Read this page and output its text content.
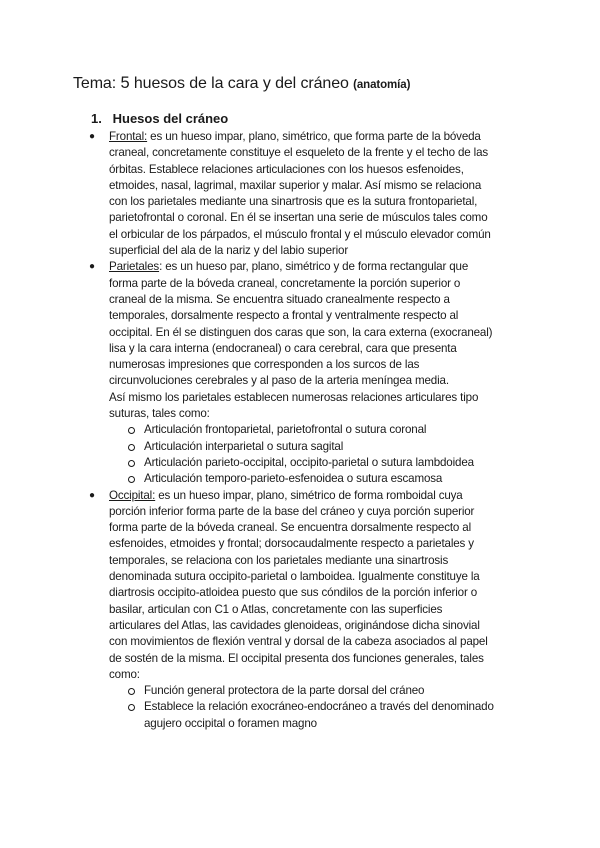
Tema: 5 huesos de la cara y del cráneo (anatomía)
1. Huesos del cráneo
● Frontal: es un hueso impar, plano, simétrico, que forma parte de la bóveda

craneal, concretamente constituye el esqueleto de la frente y el techo de las

órbitas. Establece relaciones articulaciones con los huesos esfenoides,

etmoides, nasal, lagrimal, maxilar superior y malar. Así mismo se relaciona

con los parietales mediante una sinartrosis que es la sutura frontoparietal,

parietofrontal o coronal. En él se insertan una serie de músculos tales como

el orbicular de los párpados, el músculo frontal y el músculo elevador común

superficial del ala de la nariz y del labio superior

● Parietales: es un hueso par, plano, simétrico y de forma rectangular que

forma parte de la bóveda craneal, concretamente la porción superior o

craneal de la misma. Se encuentra situado cranealmente respecto a

temporales, dorsalmente respecto a frontal y ventralmente respecto al

occipital. En él se distinguen dos caras que son, la cara externa (exocraneal)

lisa y la cara interna (endocraneal) o cara cerebral, cara que presenta

numerosas impresiones que corresponden a los surcos de las

circunvoluciones cerebrales y al paso de la arteria meníngea media.

Así mismo los parietales establecen numerosas relaciones articulares tipo

suturas, tales como:

Articulación frontoparietal, parietofrontal o sutura coronal
Articulación interparietal o sutura sagital
Articulación parieto-occipital, occipito-parietal o sutura lambdoidea
Articulación temporo-parieto-esfenoidea o sutura escamosa
● Occipital: es un hueso impar, plano, simétrico de forma romboidal cuya

porción inferior forma parte de la base del cráneo y cuya porción superior

forma parte de la bóveda craneal. Se encuentra dorsalmente respecto al

esfenoides, etmoides y frontal; dorsocaudalmente respecto a parietales y

temporales, se relaciona con los parietales mediante una sinartrosis

denominada sutura occipito-parietal o lamboidea. Igualmente constituye la

diartrosis occipito-atloidea puesto que sus cóndilos de la porción inferior o

basilar, articulan con C1 o Atlas, concretamente con las superficies

articulares del Atlas, las cavidades glenoideas, originándose dicha sinovial

con movimientos de flexión ventral y dorsal de la cabeza asociados al papel

de sostén de la misma. El occipital presenta dos funciones generales, tales

como:

Función general protectora de la parte dorsal del cráneo
Establece la relación exocráneo-endocráneo a través del denominado
agujero occipital o foramen magno
